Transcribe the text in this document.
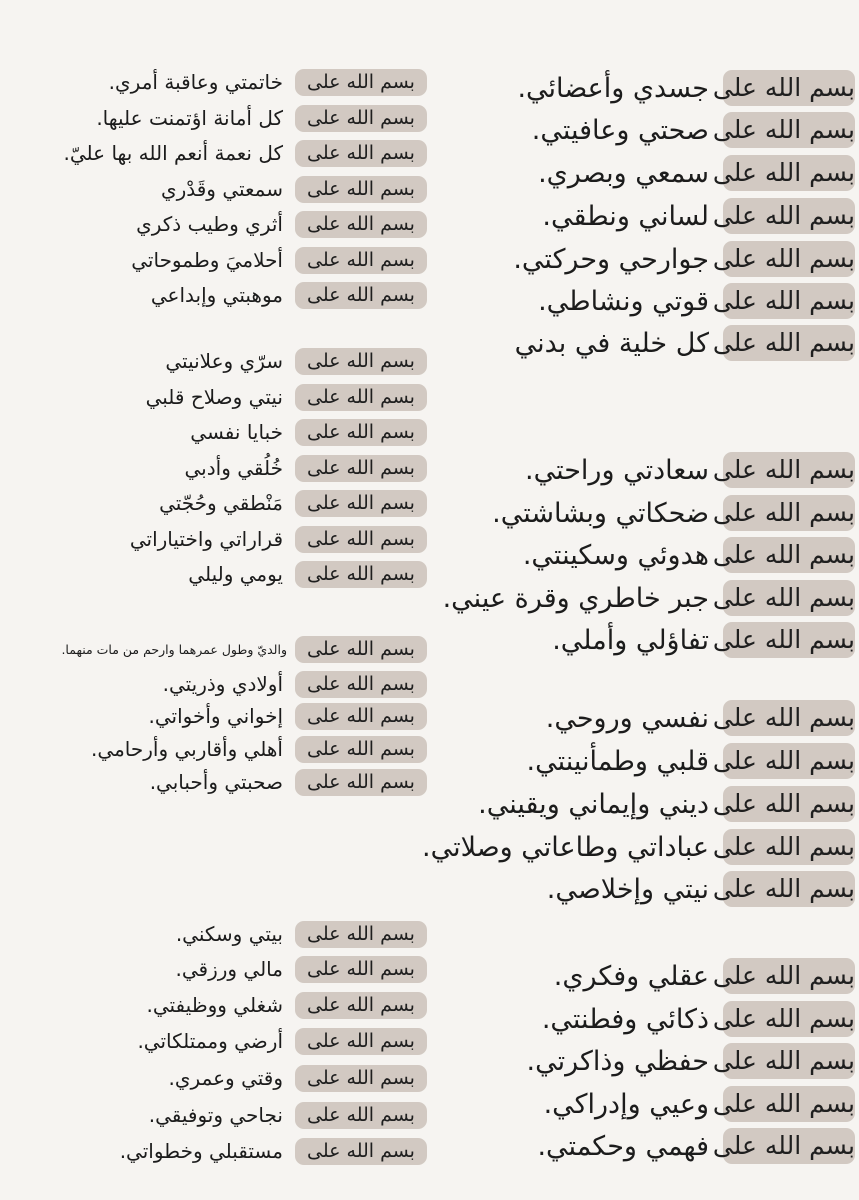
بسم الله على
جسدي وأعضائي.
بسم الله على
صحتي وعافيتي.
بسم الله على
سمعي وبصري.
بسم الله على
لساني ونطقي.
بسم الله على
جوارحي وحركتي.
بسم الله على
قوتي ونشاطي.
بسم الله على
كل خلية في بدني
بسم الله على
سعادتي وراحتي.
بسم الله على
ضحكاتي وبشاشتي.
بسم الله على
هدوئي وسكينتي.
بسم الله على
جبر خاطري وقرة عيني.
بسم الله على
تفاؤلي وأملي.
بسم الله على
نفسي وروحي.
بسم الله على
قلبي وطمأنينتي.
بسم الله على
ديني وإيماني ويقيني.
بسم الله على
عباداتي وطاعاتي وصلاتي.
بسم الله على
نيتي وإخلاصي.
بسم الله على
عقلي وفكري.
بسم الله على
ذكائي وفطنتي.
بسم الله على
حفظي وذاكرتي.
بسم الله على
وعيي وإدراكي.
بسم الله على
فهمي وحكمتي.
بسم الله على
خاتمتي وعاقبة أمري.
بسم الله على
كل أمانة اؤتمنت عليها.
بسم الله على
كل نعمة أنعم الله بها عليّ.
بسم الله على
سمعتي وقَدْري
بسم الله على
أثري وطيب ذكري
بسم الله على
أحلاميَ وطموحاتي
بسم الله على
موهبتي وإبداعي
بسم الله على
سرّي وعلانيتي
بسم الله على
نيتي وصلاح قلبي
بسم الله على
خبايا نفسي
بسم الله على
خُلُقي وأدبي
بسم الله على
مَنْطقي وحُجّتي
بسم الله على
قراراتي واختياراتي
بسم الله على
يومي وليلي
بسم الله على
والديّ وطول عمرهما وارحم من مات منهما.
بسم الله على
أولادي وذريتي.
بسم الله على
إخواني وأخواتي.
بسم الله على
أهلي وأقاربي وأرحامي.
بسم الله على
صحبتي وأحبابي.
بسم الله على
بيتي وسكني.
بسم الله على
مالي ورزقي.
بسم الله على
شغلي ووظيفتي.
بسم الله على
أرضي وممتلكاتي.
بسم الله على
وقتي وعمري.
بسم الله على
نجاحي وتوفيقي.
بسم الله على
مستقبلي وخطواتي.
